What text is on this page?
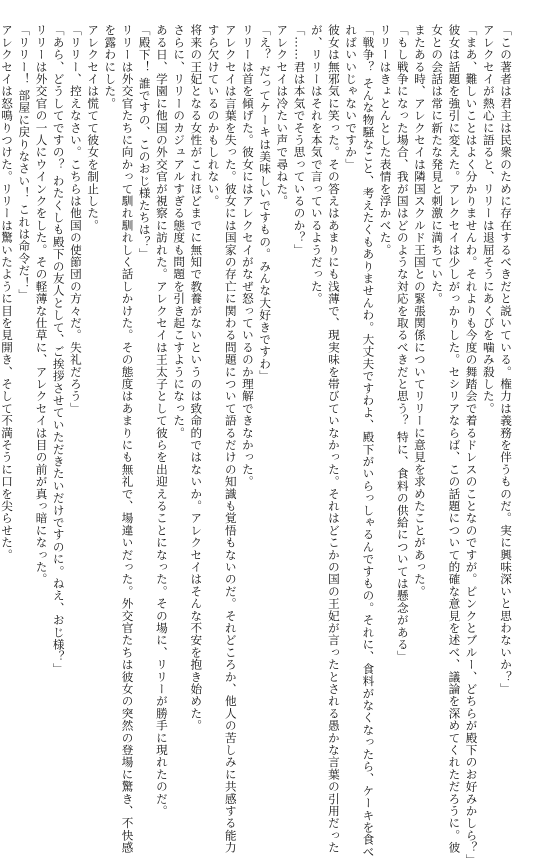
「この著者は君主は民衆のために存在するべきだと説いている。権力は義務を伴うものだ。実に興味深いと思わないか？」
アレクセイが熱心に語ると、リリーは退屈そうにあくびを噛み殺した。
「まあ、難しいことはよく分かりませんわ。それよりも今度の舞踏会で着るドレスのことなのですが。ピンクとブルー、どちらが殿下のお好みかしら？」
彼女は話題を強引に変えた。アレクセイは少しがっかりした。セシリアならば、この話題について的確な意見を述べ、議論を深めてくれただろうに。彼
女との会話は常に新たな発見と刺激に満ちていた。
またある時、アレクセイは隣国スクルド王国との緊張関係についてリリーに意見を求めたことがあった。
「もし戦争になった場合、我が国はどのような対応を取るべきだと思う？ 特に、食料の供給については懸念がある」
リリーはきょとんとした表情を浮かべた。
「戦争？ そんな物騒なこと、考えたくもありませんわ。大丈夫ですわよ、殿下がいらっしゃるんですもの。それに、食料がなくなったら、ケーキを食べ
ればいいじゃないですか」
彼女は無邪気に笑った。その答えはあまりにも浅薄で、現実味を帯びていなかった。それはどこかの国の王妃が言ったとされる愚かな言葉の引用だった
が、リリーはそれを本気で言っているようだった。
「……君は本気でそう思っているのか？」
アレクセイは冷たい声で尋ねた。
「え？ だってケーキは美味しいですもの。みんな大好きですわ」
リリーは首を傾げた。彼女にはアレクセイがなぜ怒っているのか理解できなかった。
アレクセイは言葉を失った。彼女には国家の存亡に関わる問題について語るだけの知識も覚悟もないのだ。それどころか、他人の苦しみに共感する能力
すら欠けているのかもしれない。
将来の王妃となる女性がこれほどまでに無知で教養がないというのは致命的ではないか。アレクセイはそんな不安を抱き始めた。
さらに、リリーのカジュアルすぎる態度も問題を引き起こすようになった。
ある日、学園に他国の外交官が視察に訪れた。アレクセイは王太子として彼らを出迎えることになった。その場に、リリーが勝手に現れたのだ。
「殿下！ 誰ですの、このおじ様たちは？」
リリーは外交官たちに向かって馴れ馴れしく話しかけた。その態度はあまりにも無礼で、場違いだった。外交官たちは彼女の突然の登場に驚き、不快感
を露わにした。
アレクセイは慌てて彼女を制止した。
「リリー、控えなさい。こちらは他国の使節団の方々だ。失礼だろう」
「あら、どうしてですの？ わたくしも殿下の友人として、ご挨拶させていただきたいだけですのに。ねえ、おじ様？」
リリーは外交官の一人にウインクをした。その軽薄な仕草に、アレクセイは目の前が真っ暗になった。
「リリー！ 部屋に戻りなさい！ これは命令だ！」
アレクセイは怒鳴りつけた。リリーは驚いたように目を見開き、そして不満そうに口を尖らせた。
